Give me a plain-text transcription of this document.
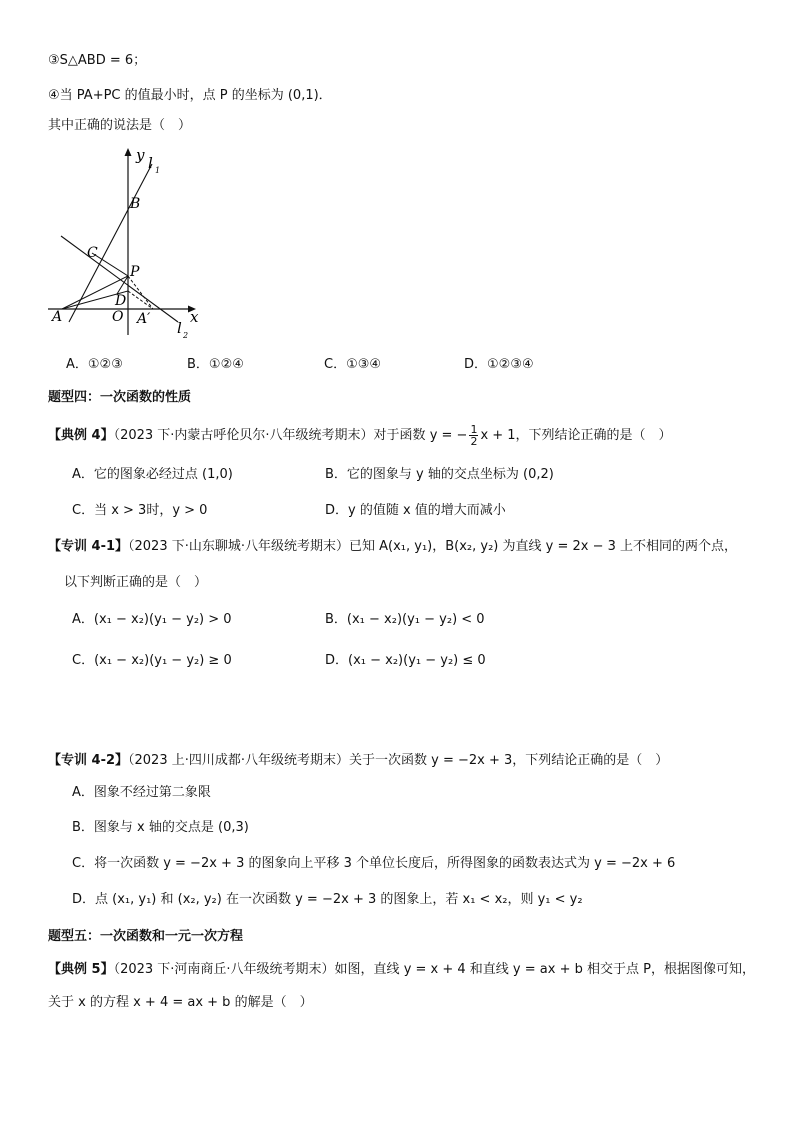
③S△ABD = 6；
④当 PA+PC 的值最小时，点 P 的坐标为 (0,1)．
其中正确的说法是（　）
y l 1
B
C
P
D
A	O A′	x
l 2
A．①②③	B．①②④	C．①③④	D．①②③④
题型四：一次函数的性质
【典例 4】（2023 下·内蒙古呼伦贝尔·八年级统考期末）对于函数 y = − $\frac{1}{2}$ x + 1，下列结论正确的是（　）
A．它的图象必经过点 (1,0)	B．它的图象与 y 轴的交点坐标为 (0,2)
C．当 x > 3时，y > 0	D．y 的值随 x 值的增大而减小
【专训 4-1】（2023 下·山东聊城·八年级统考期末）已知 A(x₁, y₁)，B(x₂, y₂) 为直线 y = 2x − 3 上不相同的两个点，
以下判断正确的是（　）
A．(x₁ − x₂)(y₁ − y₂) > 0	B．(x₁ − x₂)(y₁ − y₂) < 0
C．(x₁ − x₂)(y₁ − y₂) ≥ 0	D．(x₁ − x₂)(y₁ − y₂) ≤ 0
【专训 4-2】（2023 上·四川成都·八年级统考期末）关于一次函数 y = −2x + 3，下列结论正确的是（　）
A．图象不经过第二象限
B．图象与 x 轴的交点是 (0,3)
C．将一次函数 y = −2x + 3 的图象向上平移 3 个单位长度后，所得图象的函数表达式为 y = −2x + 6
D．点 (x₁, y₁) 和 (x₂, y₂) 在一次函数 y = −2x + 3 的图象上，若 x₁ < x₂，则 y₁ < y₂
题型五：一次函数和一元一次方程
【典例 5】（2023 下·河南商丘·八年级统考期末）如图，直线 y = x + 4 和直线 y = ax + b 相交于点 P，根据图像可知，
关于 x 的方程 x + 4 = ax + b 的解是（　）
